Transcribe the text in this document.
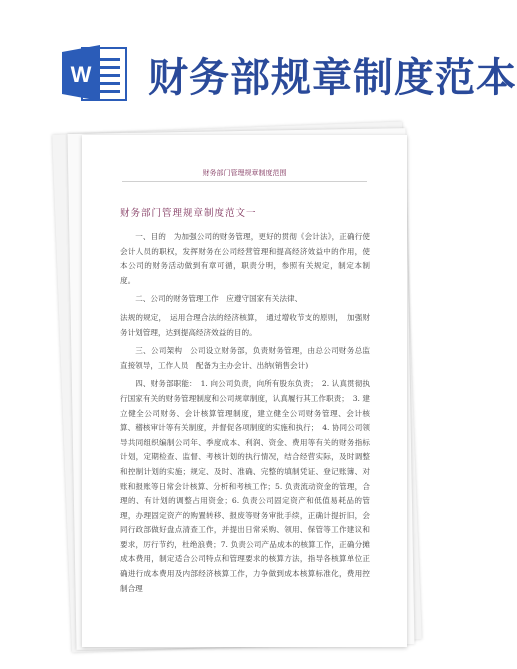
W 财务部规章制度范本
财务部门管理规章制度范围
财务部门管理规章制度范文一

一、目的　为加强公司的财务管理，更好的贯彻《会计法》，正确行使会计人员的职权，发挥财务在公司经营管理和提高经济效益中的作用，使本公司的财务活动做到有章可循，职责分明，参照有关规定，制定本制度。

二、公司的财务管理工作　应遵守国家有关法律、

法规的规定，　运用合理合法的经济核算，　通过增收节支的原则，　加强财务计划管理，达到提高经济效益的目的。

三、公司架构　公司设立财务部，负责财务管理，由总公司财务总监直接领导，工作人员　配备为主办会计、出纳(销售会计)

四、财务部职能：　1. 向公司负责，向所有股东负责；　2. 认真贯彻执行国家有关的财务管理制度和公司规章制度，认真履行其工作职责；　3. 建立健全公司财务、会计核算管理制度，建立健全公司财务管理、会计核算、稽核审计等有关制度，并督促各项制度的实施和执行；　4. 协同公司领导共同组织编制公司年、季度成本、利润、资金、费用等有关的财务指标计划，定期检查、监督、考核计划的执行情况，结合经营实际，及时调整和控制计划的实施；规定、及时、准确、完整的填制凭证、登记账簿、对账和报账等日常会计核算、分析和考核工作；5. 负责流动资金的管理，合理的、有计划的调整占用资金；6. 负责公司固定资产和低值易耗品的管理，办理固定资产的购置转移、报废等财务审批手续，正确计提折旧，会同行政部做好盘点清查工作，并提出日常采购、领用、保管等工作建议和要求，厉行节约，杜绝浪费；7. 负责公司产品成本的核算工作，正确分摊成本费用，制定适合公司特点和管理要求的核算方法，指导各核算单位正确进行成本费用及内部经济核算工作，力争做到成本核算标准化，费用控制合理
